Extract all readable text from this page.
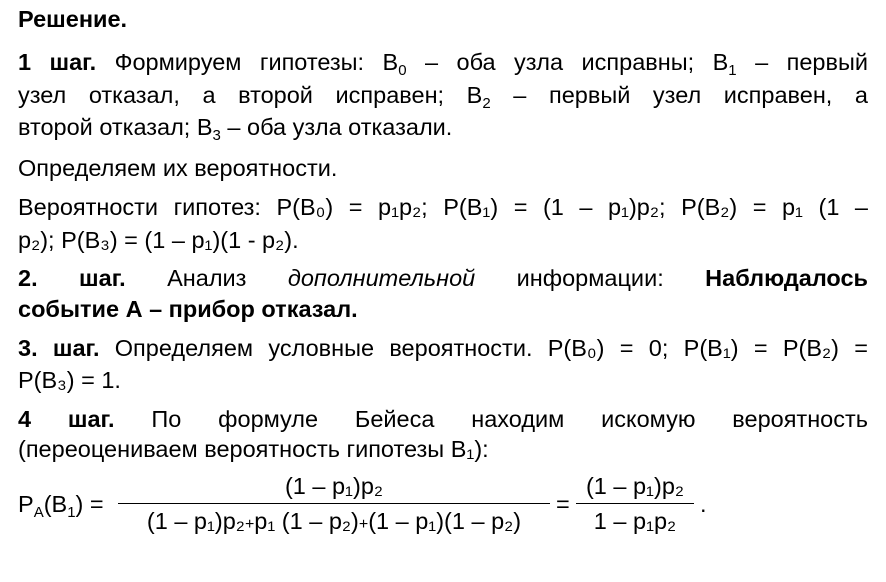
Решение.
1 шаг. Формируем гипотезы: $B_0$ – оба узла исправны; $B_1$ – первый
узел отказал, а второй исправен; $B_2$ – первый узел исправен, а
второй отказал; $B_3$ – оба узла отказали.
Определяем их вероятности.
Вероятности гипотез: P(B₀) = p₁p₂; P(B₁) = (1 – p₁)p₂; P(B₂) = p₁ (1 –
p₂); P(B₃) = (1 – p₁)(1 - p₂).
2. шаг. Анализ дополнительной информации: Наблюдалось
событие А – прибор отказал.
3. шаг. Определяем условные вероятности. P(B₀) = 0; P(B₁) = P(B₂) =
P(B₃) = 1.
4 шаг. По формуле Бейеса находим искомую вероятность
(переоцениваем вероятность гипотезы B₁):
$P_A(B_1)$ =
(1 – p₁)p₂
(1 – p₁)p₂+p₁ (1 – p₂)+(1 – p₁)(1 – p₂)
=
(1 – p₁)p₂
1 – p₁p₂
.
